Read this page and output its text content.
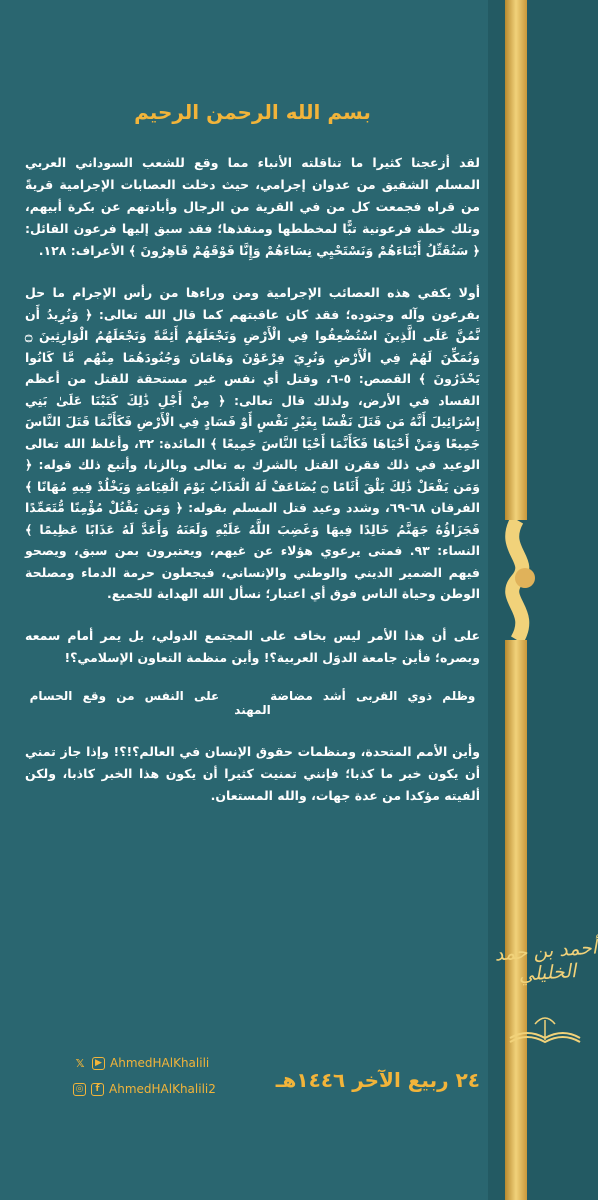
أحمد بن حمد الخليلي
بسم الله الرحمن الرحيم

لقد أزعجنا كثيرا ما تناقلته الأنباء مما وقع للشعب السوداني العربي المسلم الشقيق من عدوان إجرامي، حيث دخلت العصابات الإجرامية قريةً من قراه فجمعت كل من في القرية من الرجال وأبادتهم عن بكرة أبيهم، وتلك خطة فرعونية تبًّا لمخططها ومنفذها؛ فقد سبق إليها فرعون القائل: ﴿ سَنُقَتِّلُ أَبْنَاءَهُمْ وَنَسْتَحْيِي نِسَاءَهُمْ وَإِنَّا فَوْقَهُمْ قَاهِرُونَ ﴾ الأعراف: ١٢٨.

أولا يكفي هذه العصائب الإجرامية ومن وراءها من رأس الإجرام ما حل بفرعون وآله وجنوده؛ فقد كان عاقبتهم كما قال الله تعالى: ﴿ وَنُرِيدُ أَن نَّمُنَّ عَلَى الَّذِينَ اسْتُضْعِفُوا فِي الْأَرْضِ وَنَجْعَلَهُمْ أَئِمَّةً وَنَجْعَلَهُمُ الْوَارِثِينَ ۝ وَنُمَكِّنَ لَهُمْ فِي الْأَرْضِ وَنُرِيَ فِرْعَوْنَ وَهَامَانَ وَجُنُودَهُمَا مِنْهُم مَّا كَانُوا يَحْذَرُونَ ﴾ القصص: ٥-٦، وقتل أي نفس غير مستحقة للقتل من أعظم الفساد في الأرض، ولذلك قال تعالى: ﴿ مِنْ أَجْلِ ذَٰلِكَ كَتَبْنَا عَلَىٰ بَنِي إِسْرَائِيلَ أَنَّهُ مَن قَتَلَ نَفْسًا بِغَيْرِ نَفْسٍ أَوْ فَسَادٍ فِي الْأَرْضِ فَكَأَنَّمَا قَتَلَ النَّاسَ جَمِيعًا وَمَنْ أَحْيَاهَا فَكَأَنَّمَا أَحْيَا النَّاسَ جَمِيعًا ﴾ المائدة: ٣٢، وأغلظ الله تعالى الوعيد في ذلك فقرن القتل بالشرك به تعالى وبالزنا، وأتبع ذلك قوله: ﴿ وَمَن يَفْعَلْ ذَٰلِكَ يَلْقَ أَثَامًا ۝ يُضَاعَفْ لَهُ الْعَذَابُ يَوْمَ الْقِيَامَةِ وَيَخْلُدْ فِيهِ مُهَانًا ﴾ الفرقان ٦٨-٦٩، وشدد وعيد قتل المسلم بقوله: ﴿ وَمَن يَقْتُلْ مُؤْمِنًا مُّتَعَمِّدًا فَجَزَاؤُهُ جَهَنَّمُ خَالِدًا فِيهَا وَغَضِبَ اللَّهُ عَلَيْهِ وَلَعَنَهُ وَأَعَدَّ لَهُ عَذَابًا عَظِيمًا ﴾ النساء: ٩٣. فمتى يرعوي هؤلاء عن غيهم، ويعتبرون بمن سبق، ويصحو فيهم الضمير الديني والوطني والإنساني، فيجعلون حرمة الدماء ومصلحة الوطن وحياة الناس فوق أي اعتبار؛ نسأل الله الهداية للجميع.

على أن هذا الأمر ليس بخاف على المجتمع الدولي، بل يمر أمام سمعه وبصره؛ فأين جامعة الدوَل العربية؟! وأين منظمة التعاون الإسلامي؟!

وظلم ذوي القربى أشد مضاضة     على النفس من وقع الحسام المهند

وأين الأمم المتحدة، ومنظمات حقوق الإنسان في العالم؟!؟! وإذا جاز تمني أن يكون خبر ما كذبا؛ فإنني تمنيت كثيرا أن يكون هذا الخبر كاذبا، ولكن ألفيته مؤكدا من عدة جهات، والله المستعان.

𝕏	▶ AhmedHAlKhalili
◎	f AhmedHAlKhalili2	٢٤ ربيع الآخر ١٤٤٦هـ
